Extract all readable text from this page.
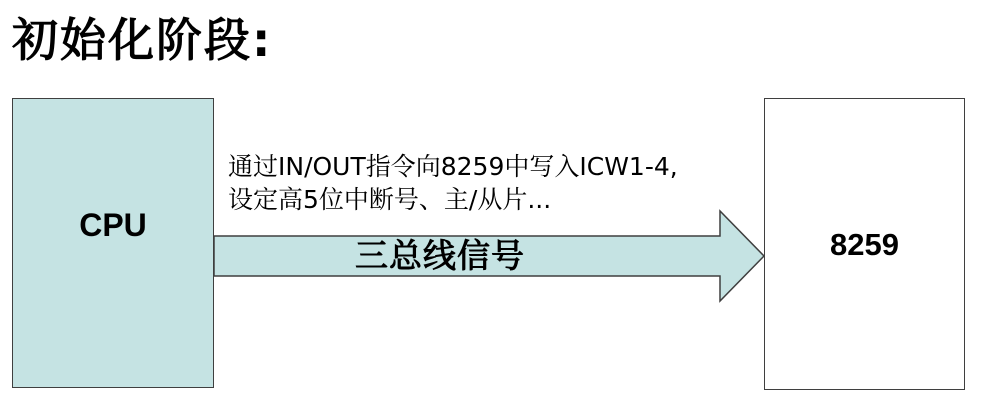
初始化阶段:
CPU
通过IN/OUT指令向8259中写入ICW1-4,
设定高5位中断号、主/从片...
三总线信号	8259
